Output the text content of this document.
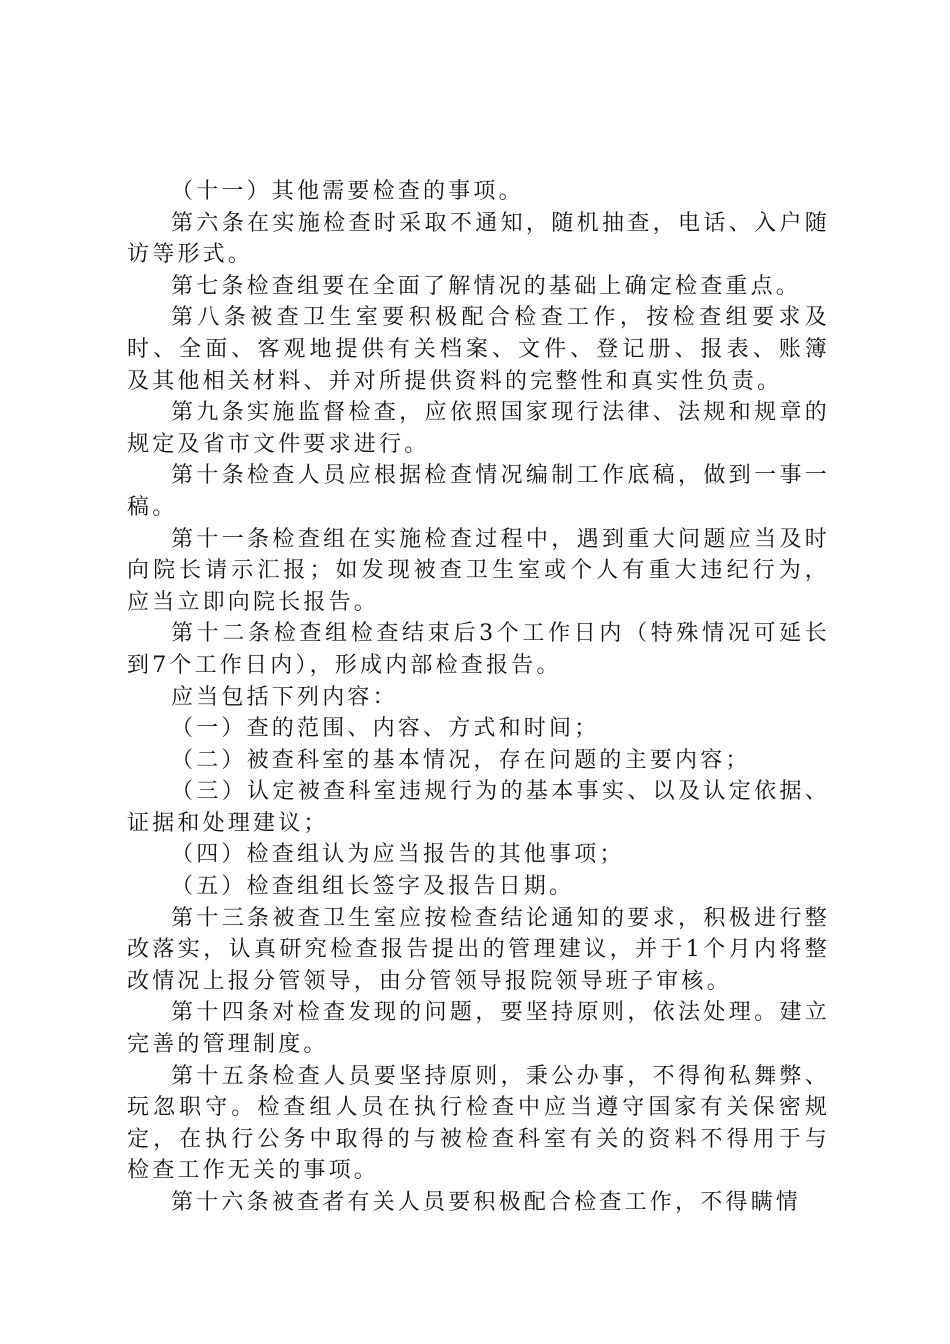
（十一）其他需要检查的事项。

第六条在实施检查时采取不通知，随机抽查，电话、入户随访等形式。

第七条检查组要在全面了解情况的基础上确定检查重点。

第八条被查卫生室要积极配合检查工作，按检查组要求及时、全面、客观地提供有关档案、文件、登记册、报表、账簿及其他相关材料、并对所提供资料的完整性和真实性负责。

第九条实施监督检查，应依照国家现行法律、法规和规章的规定及省市文件要求进行。

第十条检查人员应根据检查情况编制工作底稿，做到一事一稿。

第十一条检查组在实施检查过程中，遇到重大问题应当及时向院长请示汇报；如发现被查卫生室或个人有重大违纪行为，应当立即向院长报告。

第十二条检查组检查结束后3个工作日内（特殊情况可延长到7个工作日内），形成内部检查报告。

应当包括下列内容：

（一）查的范围、内容、方式和时间；

（二）被查科室的基本情况，存在问题的主要内容；

（三）认定被查科室违规行为的基本事实、以及认定依据、证据和处理建议；

（四）检查组认为应当报告的其他事项；

（五）检查组组长签字及报告日期。

第十三条被查卫生室应按检查结论通知的要求，积极进行整改落实，认真研究检查报告提出的管理建议，并于1个月内将整改情况上报分管领导，由分管领导报院领导班子审核。

第十四条对检查发现的问题，要坚持原则，依法处理。建立完善的管理制度。

第十五条检查人员要坚持原则，秉公办事，不得徇私舞弊、玩忽职守。检查组人员在执行检查中应当遵守国家有关保密规定，在执行公务中取得的与被检查科室有关的资料不得用于与检查工作无关的事项。

第十六条被查者有关人员要积极配合检查工作，不得瞒情
